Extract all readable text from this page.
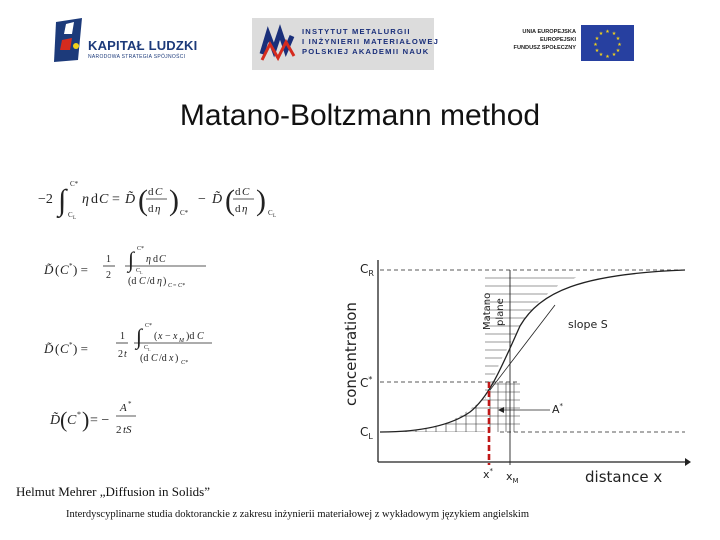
KAPITAŁ LUDZKI
NARODOWA STRATEGIA SPÓJNOŚCI
INSTYTUT METALURGII
I INŻYNIERII MATERIAŁOWEJ
POLSKIEJ AKADEMII NAUK
UNIA EUROPEJSKA
EUROPEJSKI
FUNDUSZ SPOŁECZNY
★ ★
★
★
★
★
★
★
★
★
★
★
Matano-Boltzmann method
−2 ∫ C*
C L
η d C = D̃ ( d C
d η ) C*
− D̃ ( d C
d η ) C L
D̃ ( C * ) =
1
2
∫ C*
C L
η d C
(d C /d η ) C = C*
D̃ ( C * ) =
1
2 t
∫ C*
C L
( x − x M )d C
(d C /d x ) C*
D̃ ( C * ) = −
A *
2 tS
concentration
$C_R$
C*
$C_L$
Matano plane	slope S
A*
x* $x_M$	distance x
Helmut Mehrer „Diffusion in Solids”
Interdyscyplinarne studia doktoranckie z zakresu inżynierii materiałowej z wykładowym językiem angielskim
